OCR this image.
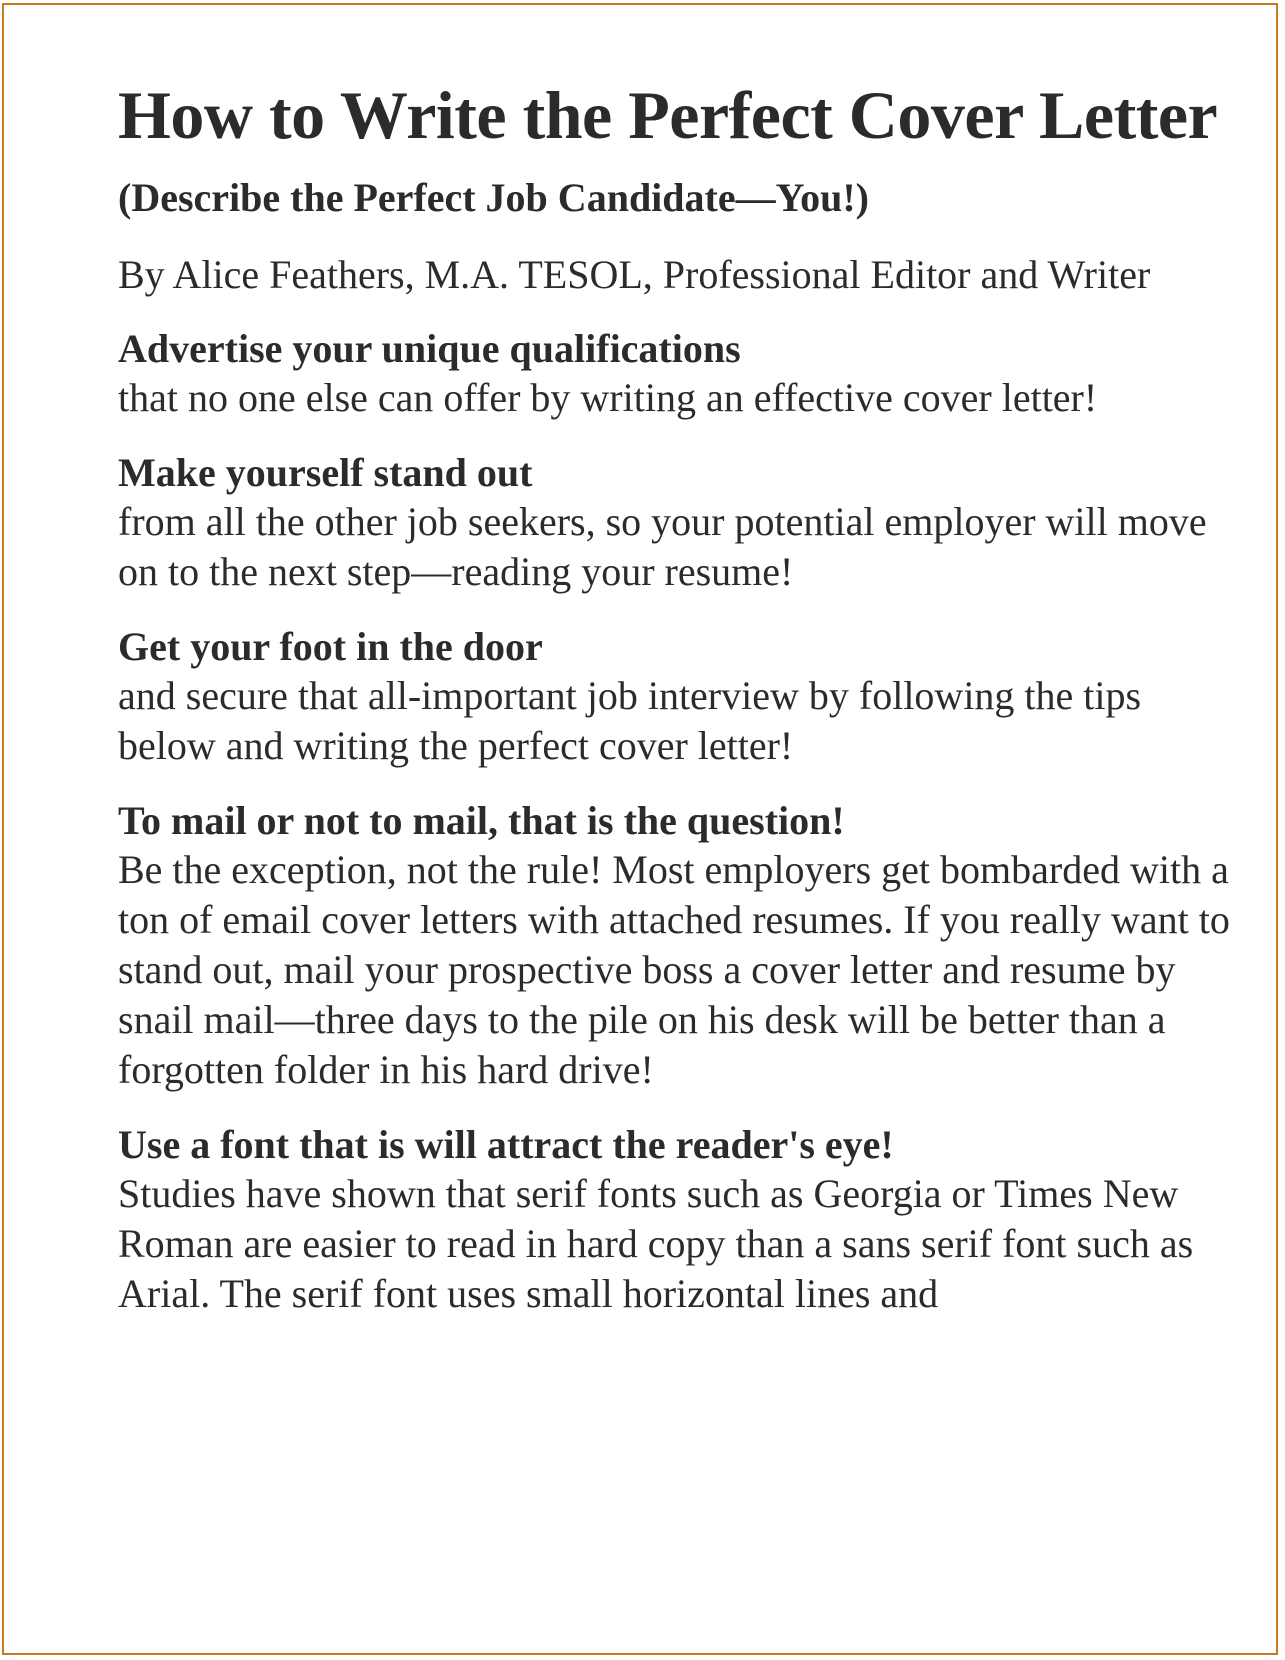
How to Write the Perfect Cover Letter

(Describe the Perfect Job Candidate—You!)

By Alice Feathers, M.A. TESOL, Professional Editor and Writer

Advertise your unique qualifications

that no one else can offer by writing an effective cover letter!

Make yourself stand out

from all the other job seekers, so your potential employer will move on to the next step—reading your resume!

Get your foot in the door

and secure that all-important job interview by following the tips below and writing the perfect cover letter!

To mail or not to mail, that is the question!

Be the exception, not the rule! Most employers get bombarded with a ton of email cover letters with attached resumes. If you really want to stand out, mail your prospective boss a cover letter and resume by snail mail—three days to the pile on his desk will be better than a forgotten folder in his hard drive!

Use a font that is will attract the reader's eye!

Studies have shown that serif fonts such as Georgia or Times New Roman are easier to read in hard copy than a sans serif font such as Arial. The serif font uses small horizontal lines and
